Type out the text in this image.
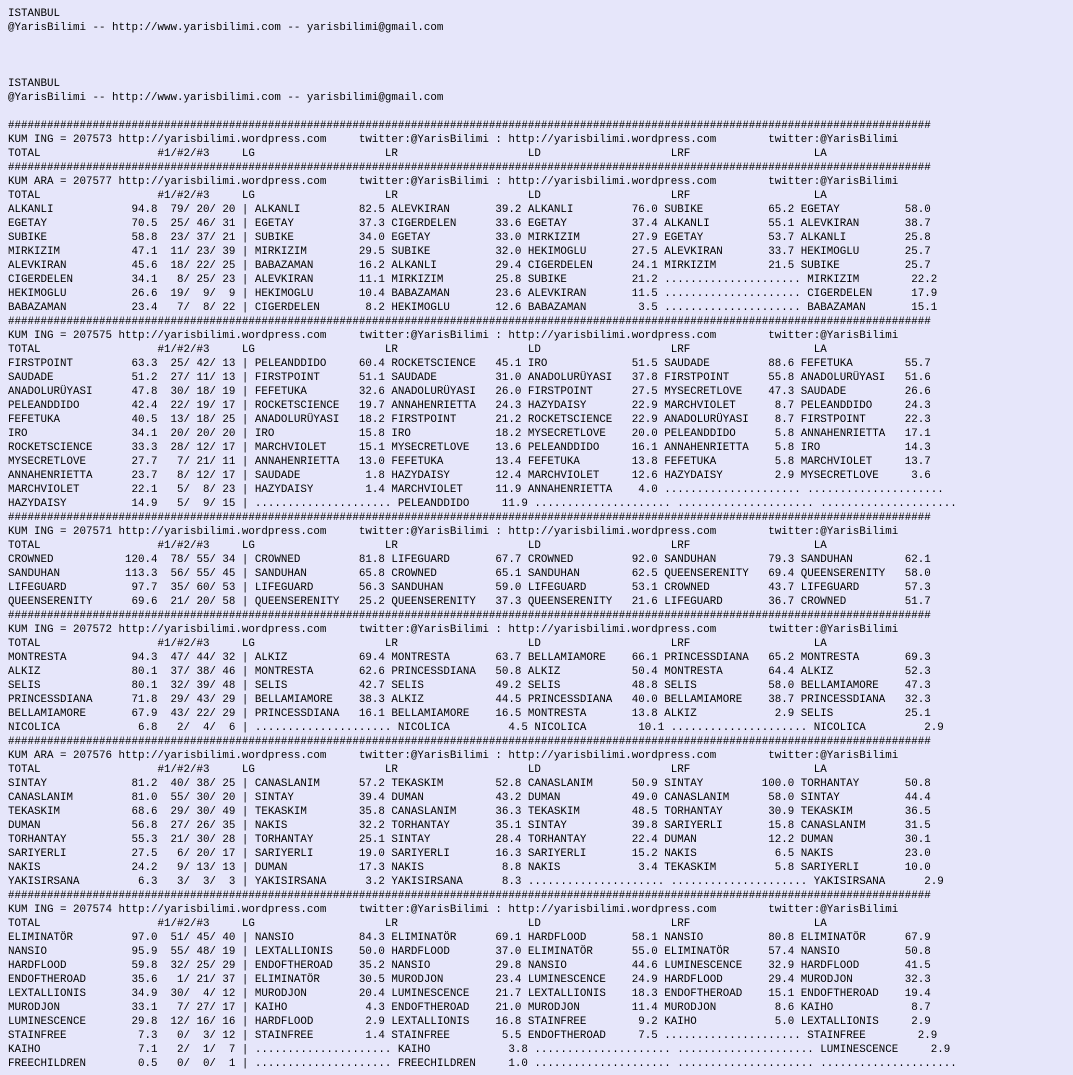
ISTANBUL
@YarisBilimi -- http://www.yarisbilimi.com -- yarisbilimi@gmail.com
ISTANBUL
@YarisBilimi -- http://www.yarisbilimi.com -- yarisbilimi@gmail.com
##############################################################################################################################################
KUM ING = 207573 http://yarisbilimi.wordpress.com     twitter:@YarisBilimi : http://yarisbilimi.wordpress.com        twitter:@YarisBilimi
TOTAL                  #1/#2/#3     LG                    LR                    LD                    LRF                   LA
##############################################################################################################################################
KUM ARA = 207577 http://yarisbilimi.wordpress.com     twitter:@YarisBilimi : http://yarisbilimi.wordpress.com        twitter:@YarisBilimi
TOTAL                  #1/#2/#3     LG                    LR                    LD                    LRF                   LA
ALKANLI            94.8  79/ 20/ 20 | ALKANLI         82.5 ALEVKIRAN       39.2 ALKANLI         76.0 SUBIKE          65.2 EGETAY          58.0
EGETAY             70.5  25/ 46/ 31 | EGETAY          37.3 CIGERDELEN      33.6 EGETAY          37.4 ALKANLI         55.1 ALEVKIRAN       38.7
SUBIKE             58.8  23/ 37/ 21 | SUBIKE          34.0 EGETAY          33.0 MIRKIZIM        27.9 EGETAY          53.7 ALKANLI         25.8
MIRKIZIM           47.1  11/ 23/ 39 | MIRKIZIM        29.5 SUBIKE          32.0 HEKIMOGLU       27.5 ALEVKIRAN       33.7 HEKIMOGLU       25.7
ALEVKIRAN          45.6  18/ 22/ 25 | BABAZAMAN       16.2 ALKANLI         29.4 CIGERDELEN      24.1 MIRKIZIM        21.5 SUBIKE          25.7
CIGERDELEN         34.1   8/ 25/ 23 | ALEVKIRAN       11.1 MIRKIZIM        25.8 SUBIKE          21.2 ..................... MIRKIZIM        22.2
HEKIMOGLU          26.6  19/  9/  9 | HEKIMOGLU       10.4 BABAZAMAN       23.6 ALEVKIRAN       11.5 ..................... CIGERDELEN      17.9
BABAZAMAN          23.4   7/  8/ 22 | CIGERDELEN       8.2 HEKIMOGLU       12.6 BABAZAMAN        3.5 ..................... BABAZAMAN       15.1
##############################################################################################################################################
KUM ING = 207575 http://yarisbilimi.wordpress.com     twitter:@YarisBilimi : http://yarisbilimi.wordpress.com        twitter:@YarisBilimi
TOTAL                  #1/#2/#3     LG                    LR                    LD                    LRF                   LA
FIRSTPOINT         63.3  25/ 42/ 13 | PELEANDDIDO     60.4 ROCKETSCIENCE   45.1 IRO             51.5 SAUDADE         88.6 FEFETUKA        55.7
SAUDADE            51.2  27/ 11/ 13 | FIRSTPOINT      51.1 SAUDADE         31.0 ANADOLURÜYASI   37.8 FIRSTPOINT      55.8 ANADOLURÜYASI   51.6
ANADOLURÜYASI      47.8  30/ 18/ 19 | FEFETUKA        32.6 ANADOLURÜYASI   26.0 FIRSTPOINT      27.5 MYSECRETLOVE    47.3 SAUDADE         26.6
PELEANDDIDO        42.4  22/ 19/ 17 | ROCKETSCIENCE   19.7 ANNAHENRIETTA   24.3 HAZYDAISY       22.9 MARCHVIOLET      8.7 PELEANDDIDO     24.3
FEFETUKA           40.5  13/ 18/ 25 | ANADOLURÜYASI   18.2 FIRSTPOINT      21.2 ROCKETSCIENCE   22.9 ANADOLURÜYASI    8.7 FIRSTPOINT      22.3
IRO                34.1  20/ 20/ 20 | IRO             15.8 IRO             18.2 MYSECRETLOVE    20.0 PELEANDDIDO      5.8 ANNAHENRIETTA   17.1
ROCKETSCIENCE      33.3  28/ 12/ 17 | MARCHVIOLET     15.1 MYSECRETLOVE    13.6 PELEANDDIDO     16.1 ANNAHENRIETTA    5.8 IRO             14.3
MYSECRETLOVE       27.7   7/ 21/ 11 | ANNAHENRIETTA   13.0 FEFETUKA        13.4 FEFETUKA        13.8 FEFETUKA         5.8 MARCHVIOLET     13.7
ANNAHENRIETTA      23.7   8/ 12/ 17 | SAUDADE          1.8 HAZYDAISY       12.4 MARCHVIOLET     12.6 HAZYDAISY        2.9 MYSECRETLOVE     3.6
MARCHVIOLET        22.1   5/  8/ 23 | HAZYDAISY        1.4 MARCHVIOLET     11.9 ANNAHENRIETTA    4.0 ..................... .....................
HAZYDAISY          14.9   5/  9/ 15 | ..................... PELEANDDIDO     11.9 ..................... ..................... .....................
##############################################################################################################################################
KUM ING = 207571 http://yarisbilimi.wordpress.com     twitter:@YarisBilimi : http://yarisbilimi.wordpress.com        twitter:@YarisBilimi
TOTAL                  #1/#2/#3     LG                    LR                    LD                    LRF                   LA
CROWNED           120.4  78/ 55/ 34 | CROWNED         81.8 LIFEGUARD       67.7 CROWNED         92.0 SANDUHAN        79.3 SANDUHAN        62.1
SANDUHAN          113.3  56/ 55/ 45 | SANDUHAN        65.8 CROWNED         65.1 SANDUHAN        62.5 QUEENSERENITY   69.4 QUEENSERENITY   58.0
LIFEGUARD          97.7  35/ 60/ 53 | LIFEGUARD       56.3 SANDUHAN        59.0 LIFEGUARD       53.1 CROWNED         43.7 LIFEGUARD       57.3
QUEENSERENITY      69.6  21/ 20/ 58 | QUEENSERENITY   25.2 QUEENSERENITY   37.3 QUEENSERENITY   21.6 LIFEGUARD       36.7 CROWNED         51.7
##############################################################################################################################################
KUM ING = 207572 http://yarisbilimi.wordpress.com     twitter:@YarisBilimi : http://yarisbilimi.wordpress.com        twitter:@YarisBilimi
TOTAL                  #1/#2/#3     LG                    LR                    LD                    LRF                   LA
MONTRESTA          94.3  47/ 44/ 32 | ALKIZ           69.4 MONTRESTA       63.7 BELLAMIAMORE    66.1 PRINCESSDIANA   65.2 MONTRESTA       69.3
ALKIZ              80.1  37/ 38/ 46 | MONTRESTA       62.6 PRINCESSDIANA   50.8 ALKIZ           50.4 MONTRESTA       64.4 ALKIZ           52.3
SELIS              80.1  32/ 39/ 48 | SELIS           42.7 SELIS           49.2 SELIS           48.8 SELIS           58.0 BELLAMIAMORE    47.3
PRINCESSDIANA      71.8  29/ 43/ 29 | BELLAMIAMORE    38.3 ALKIZ           44.5 PRINCESSDIANA   40.0 BELLAMIAMORE    38.7 PRINCESSDIANA   32.3
BELLAMIAMORE       67.9  43/ 22/ 29 | PRINCESSDIANA   16.1 BELLAMIAMORE    16.5 MONTRESTA       13.8 ALKIZ            2.9 SELIS           25.1
NICOLICA            6.8   2/  4/  6 | ..................... NICOLICA         4.5 NICOLICA        10.1 ..................... NICOLICA         2.9
##############################################################################################################################################
KUM ARA = 207576 http://yarisbilimi.wordpress.com     twitter:@YarisBilimi : http://yarisbilimi.wordpress.com        twitter:@YarisBilimi
TOTAL                  #1/#2/#3     LG                    LR                    LD                    LRF                   LA
SINTAY             81.2  40/ 38/ 25 | CANASLANIM      57.2 TEKASKIM        52.8 CANASLANIM      50.9 SINTAY         100.0 TORHANTAY       50.8
CANASLANIM         81.0  55/ 30/ 20 | SINTAY          39.4 DUMAN           43.2 DUMAN           49.0 CANASLANIM      58.0 SINTAY          44.4
TEKASKIM           68.6  29/ 30/ 49 | TEKASKIM        35.8 CANASLANIM      36.3 TEKASKIM        48.5 TORHANTAY       30.9 TEKASKIM        36.5
DUMAN              56.8  27/ 26/ 35 | NAKIS           32.2 TORHANTAY       35.1 SINTAY          39.8 SARIYERLI       15.8 CANASLANIM      31.5
TORHANTAY          55.3  21/ 30/ 28 | TORHANTAY       25.1 SINTAY          28.4 TORHANTAY       22.4 DUMAN           12.2 DUMAN           30.1
SARIYERLI          27.5   6/ 20/ 17 | SARIYERLI       19.0 SARIYERLI       16.3 SARIYERLI       15.2 NAKIS            6.5 NAKIS           23.0
NAKIS              24.2   9/ 13/ 13 | DUMAN           17.3 NAKIS            8.8 NAKIS            3.4 TEKASKIM         5.8 SARIYERLI       10.0
YAKISIRSANA         6.3   3/  3/  3 | YAKISIRSANA      3.2 YAKISIRSANA      8.3 ..................... ..................... YAKISIRSANA      2.9
##############################################################################################################################################
KUM ING = 207574 http://yarisbilimi.wordpress.com     twitter:@YarisBilimi : http://yarisbilimi.wordpress.com        twitter:@YarisBilimi
TOTAL                  #1/#2/#3     LG                    LR                    LD                    LRF                   LA
ELIMINATÖR         97.0  51/ 45/ 40 | NANSIO          84.3 ELIMINATÖR      69.1 HARDFLOOD       58.1 NANSIO          80.8 ELIMINATÖR      67.9
NANSIO             95.9  55/ 48/ 19 | LEXTALLIONIS    50.0 HARDFLOOD       37.0 ELIMINATÖR      55.0 ELIMINATÖR      57.4 NANSIO          50.8
HARDFLOOD          59.8  32/ 25/ 29 | ENDOFTHEROAD    35.2 NANSIO          29.8 NANSIO          44.6 LUMINESCENCE    32.9 HARDFLOOD       41.5
ENDOFTHEROAD       35.6   1/ 21/ 37 | ELIMINATÖR      30.5 MURODJON        23.4 LUMINESCENCE    24.9 HARDFLOOD       29.4 MURODJON        32.3
LEXTALLIONIS       34.9  30/  4/ 12 | MURODJON        20.4 LUMINESCENCE    21.7 LEXTALLIONIS    18.3 ENDOFTHEROAD    15.1 ENDOFTHEROAD    19.4
MURODJON           33.1   7/ 27/ 17 | KAIHO            4.3 ENDOFTHEROAD    21.0 MURODJON        11.4 MURODJON         8.6 KAIHO            8.7
LUMINESCENCE       29.8  12/ 16/ 16 | HARDFLOOD        2.9 LEXTALLIONIS    16.8 STAINFREE        9.2 KAIHO            5.0 LEXTALLIONIS     2.9
STAINFREE           7.3   0/  3/ 12 | STAINFREE        1.4 STAINFREE        5.5 ENDOFTHEROAD     7.5 ..................... STAINFREE        2.9
KAIHO               7.1   2/  1/  7 | ..................... KAIHO            3.8 ..................... ..................... LUMINESCENCE     2.9
FREECHILDREN        0.5   0/  0/  1 | ..................... FREECHILDREN     1.0 ..................... ..................... .....................
